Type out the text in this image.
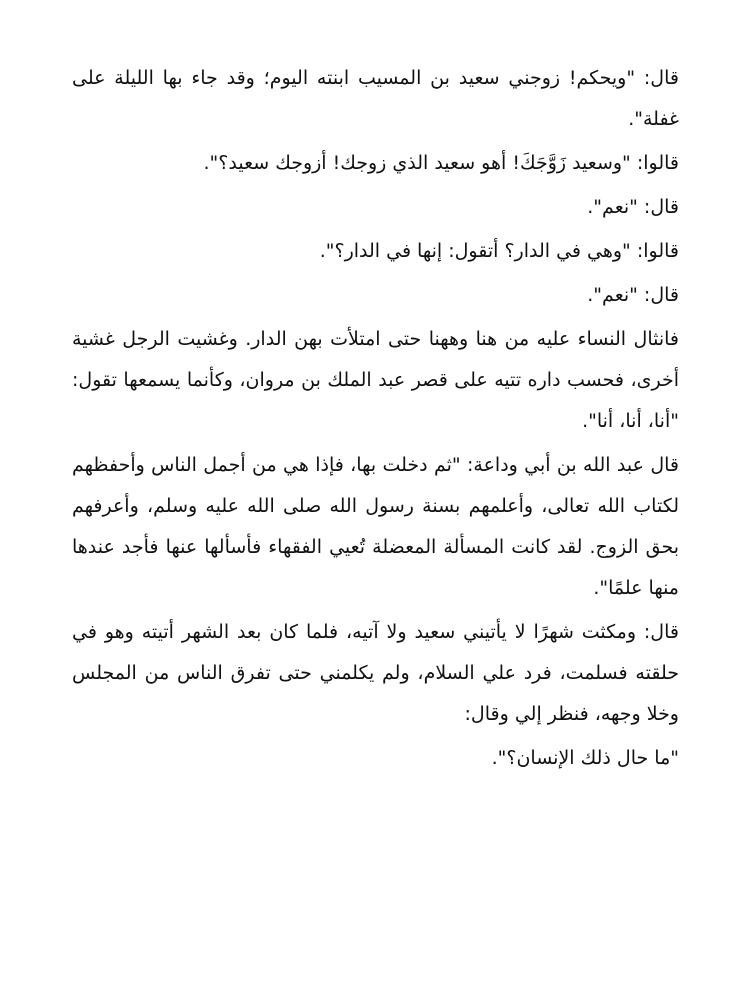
قال: "ويحكم! زوجني سعيد بن المسيب ابنته اليوم؛ وقد جاء بها الليلة على غفلة".

قالوا: "وسعيد زَوَّجَكَ! أهو سعيد الذي زوجك! أزوجك سعيد؟".

قال: "نعم".

قالوا: "وهي في الدار؟ أتقول: إنها في الدار؟".

قال: "نعم".

فانثال النساء عليه من هنا وههنا حتى امتلأت بهن الدار. وغشيت الرجل غشية أخرى، فحسب داره تتيه على قصر عبد الملك بن مروان، وكأنما يسمعها تقول: "أنا، أنا، أنا".

قال عبد الله بن أبي وداعة: "ثم دخلت بها، فإذا هي من أجمل الناس وأحفظهم لكتاب الله تعالى، وأعلمهم بسنة رسول الله صلى الله عليه وسلم، وأعرفهم بحق الزوج. لقد كانت المسألة المعضلة تُعيي الفقهاء فأسألها عنها فأجد عندها منها علمًا".

قال: ومكثت شهرًا لا يأتيني سعيد ولا آتيه، فلما كان بعد الشهر أتيته وهو في حلقته فسلمت، فرد علي السلام، ولم يكلمني حتى تفرق الناس من المجلس وخلا وجهه، فنظر إلي وقال:

"ما حال ذلك الإنسان؟".
